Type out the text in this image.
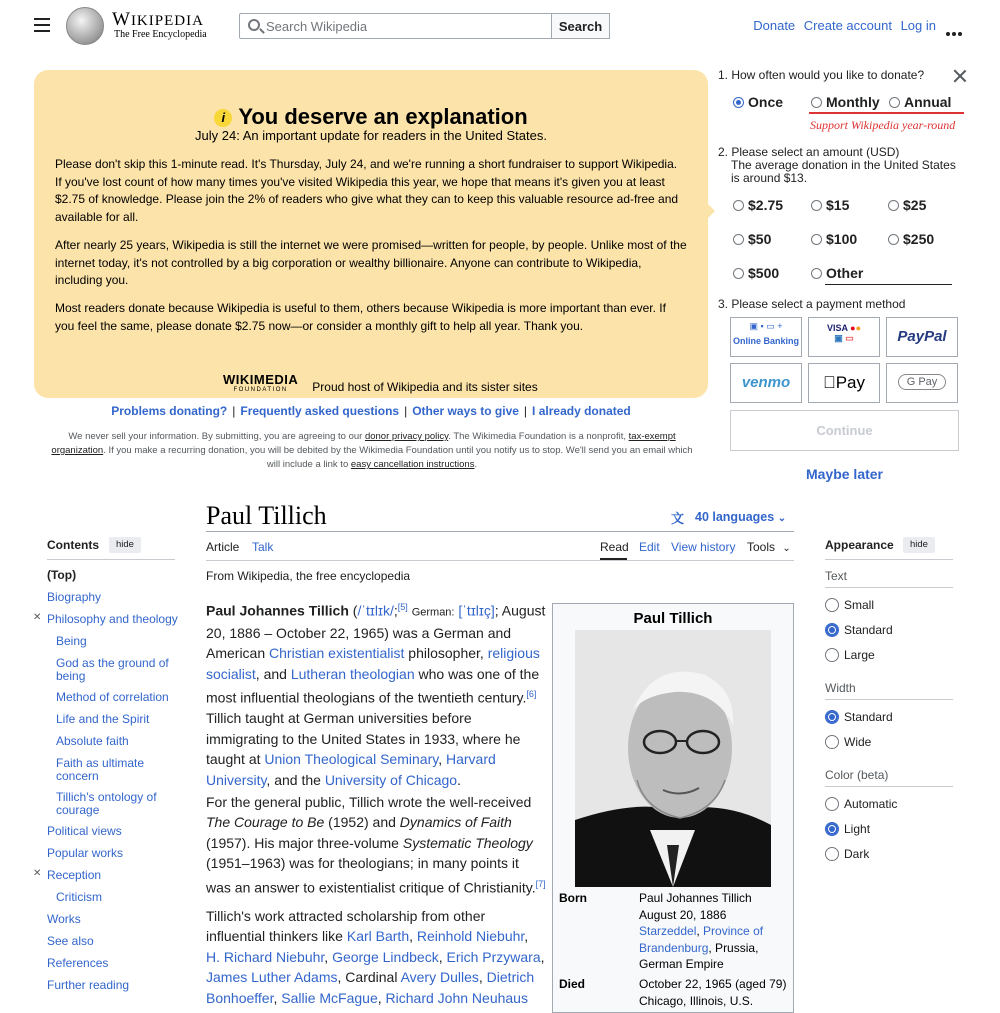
WIKIPEDIA
The Free Encyclopedia
Search Wikipedia
Search	Donate Create account Log in
i You deserve an explanation
July 24: An important update for readers in the United States.
Please don't skip this 1-minute read. It's Thursday, July 24, and we're running a short fundraiser to support Wikipedia. If you've lost count of how many times you've visited Wikipedia this year, we hope that means it's given you at least $2.75 of knowledge. Please join the 2% of readers who give what they can to keep this valuable resource ad-free and available for all.
After nearly 25 years, Wikipedia is still the internet we were promised—written for people, by people. Unlike most of the internet today, it's not controlled by a big corporation or wealthy billionaire. Anyone can contribute to Wikipedia, including you.
Most readers donate because Wikipedia is useful to them, others because Wikipedia is more important than ever. If you feel the same, please donate $2.75 now—or consider a monthly gift to help all year. Thank you.
WIKIMEDIA
FOUNDATION	Proud host of Wikipedia and its sister sites
Problems donating? | Frequently asked questions | Other ways to give | I already donated
We never sell your information. By submitting, you are agreeing to our donor privacy policy. The Wikimedia Foundation is a nonprofit, tax-exempt organization. If you make a recurring donation, you will be debited by the Wikimedia Foundation until you notify us to stop. We'll send you an email which will include a link to easy cancellation instructions.
1. How often would you like to donate?
Once	Monthly	Annual
Support Wikipedia year-round
2. Please select an amount (USD)
The average donation in the United States is around $13.
$2.75	$15	$25
$50	$100	$250
$500	Other
3. Please select a payment method
▣ ▪ ▭ +
Online Banking
VISA ●●
▣ ▭	PayPal
venmo	Pay	G Pay
Continue
Maybe later
Paul Tillich	文 40 languages ⌄
Article Talk	Read Edit View history Tools ⌄
From Wikipedia, the free encyclopedia
Paul Johannes Tillich (/ˈtɪlɪk/;[5] German: [ˈtɪlɪç]; August 20, 1886 – October 22, 1965) was a German and American Christian existentialist philosopher, religious socialist, and Lutheran theologian who was one of the most influential theologians of the twentieth century.[6] Tillich taught at German universities before immigrating to the United States in 1933, where he taught at Union Theological Seminary, Harvard University, and the University of Chicago.
For the general public, Tillich wrote the well-received The Courage to Be (1952) and Dynamics of Faith (1957). His major three-volume Systematic Theology (1951–1963) was for theologians; in many points it was an answer to existentialist critique of Christianity.[7]
Tillich's work attracted scholarship from other influential thinkers like Karl Barth, Reinhold Niebuhr, H. Richard Niebuhr, George Lindbeck, Erich Przywara, James Luther Adams, Cardinal Avery Dulles, Dietrich Bonhoeffer, Sallie McFague, Richard John Neuhaus
Paul Tillich
Born	Paul Johannes Tillich
August 20, 1886
Starzeddel, Province of Brandenburg, Prussia, German Empire
Died	October 22, 1965 (aged 79)
Chicago, Illinois, U.S.
Contents	hide
(Top)
Biography
✕ Philosophy and theology
Being
God as the ground of being
Method of correlation
Life and the Spirit
Absolute faith
Faith as ultimate concern
Tillich's ontology of courage
Political views
Popular works
✕ Reception
Criticism
Works
See also
References
Further reading
Appearance	hide
Text
Small
Standard
Large
Width
Standard
Wide
Color (beta)
Automatic
Light
Dark
